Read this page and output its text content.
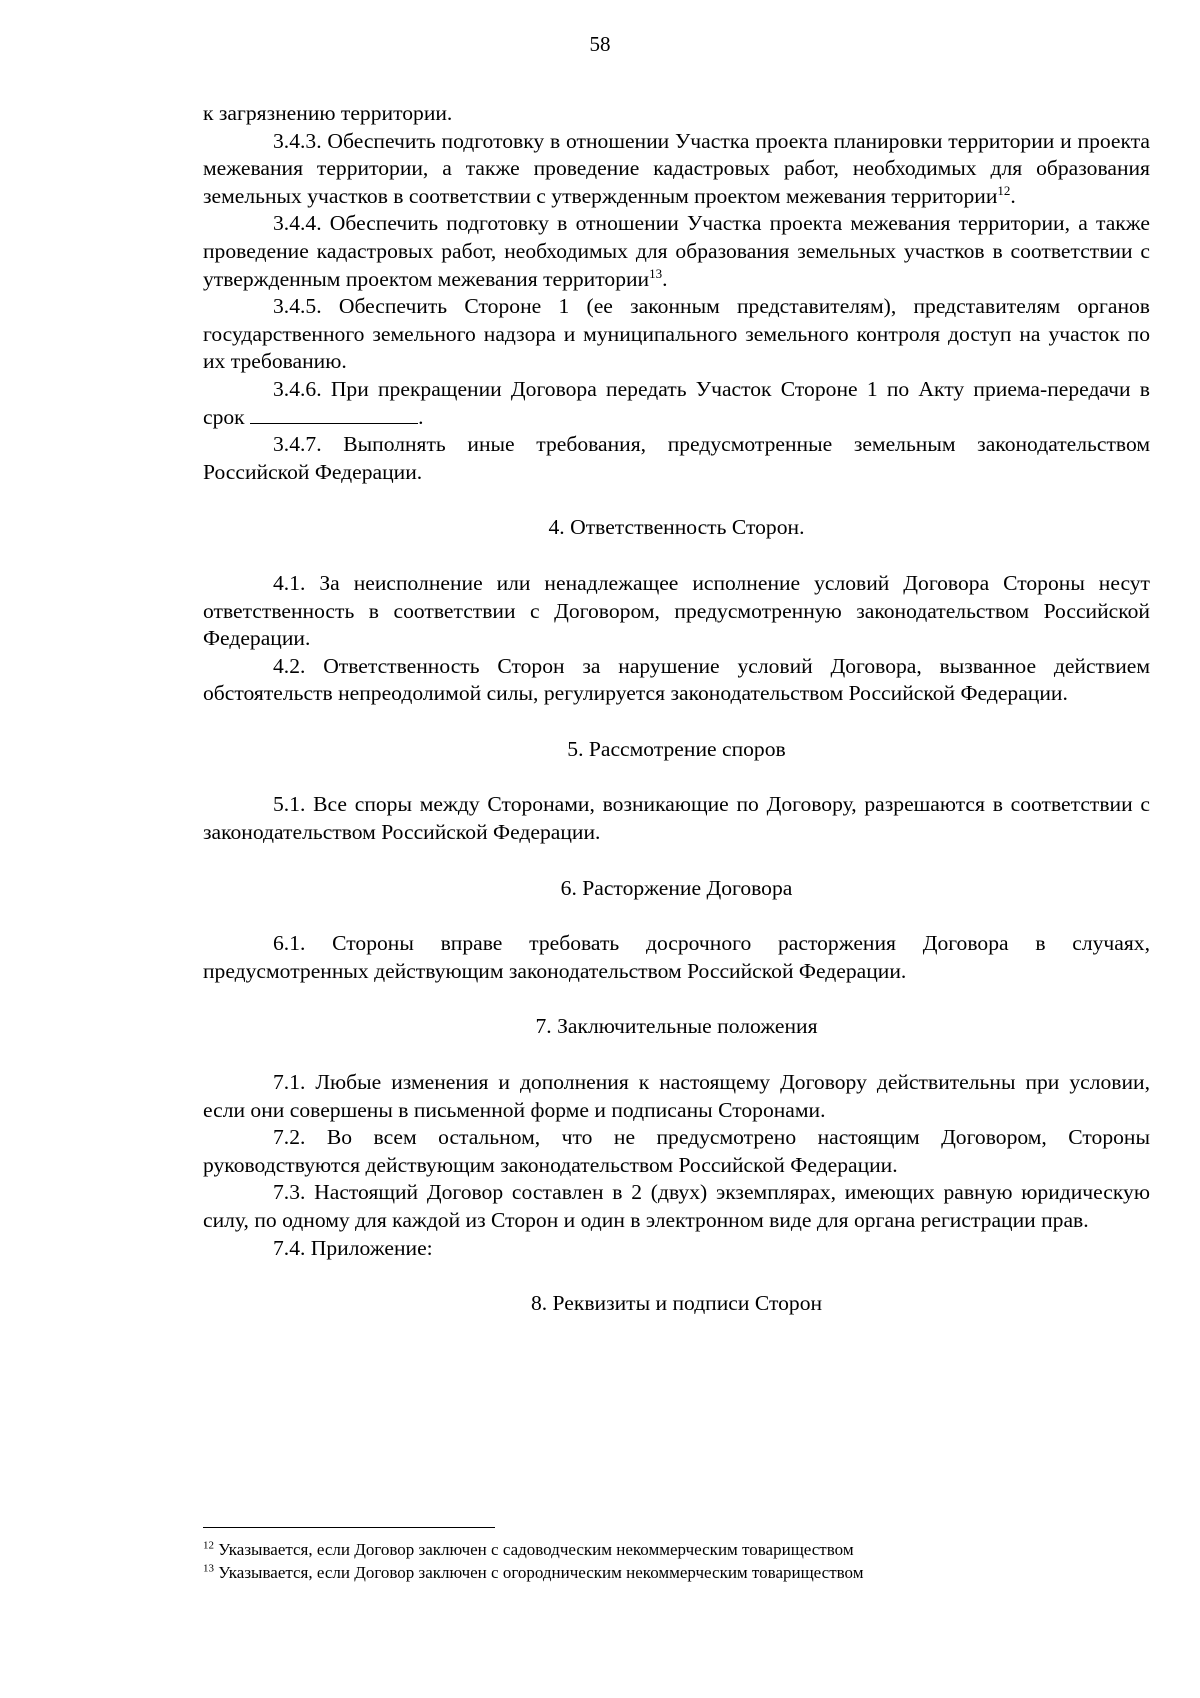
58

к загрязнению территории.

3.4.3. Обеспечить подготовку в отношении Участка проекта планировки территории и проекта межевания территории, а также проведение кадастровых работ, необходимых для образования земельных участков в соответствии с утвержденным проектом межевания территории$^{12}$.

3.4.4. Обеспечить подготовку в отношении Участка проекта межевания территории, а также проведение кадастровых работ, необходимых для образования земельных участков в соответствии с утвержденным проектом межевания территории$^{13}$.

3.4.5. Обеспечить Стороне 1 (ее законным представителям), представителям органов государственного земельного надзора и муниципального земельного контроля доступ на участок по их требованию.

3.4.6. При прекращении Договора передать Участок Стороне 1 по Акту приема-передачи в срок	.

3.4.7. Выполнять иные требования, предусмотренные земельным законодательством Российской Федерации.

4. Ответственность Сторон.

4.1. За неисполнение или ненадлежащее исполнение условий Договора Стороны несут ответственность в соответствии с Договором, предусмотренную законодательством Российской Федерации.

4.2. Ответственность Сторон за нарушение условий Договора, вызванное действием обстоятельств непреодолимой силы, регулируется законодательством Российской Федерации.

5. Рассмотрение споров

5.1. Все споры между Сторонами, возникающие по Договору, разрешаются в соответствии с законодательством Российской Федерации.

6. Расторжение Договора

6.1. Стороны вправе требовать досрочного расторжения Договора в случаях, предусмотренных действующим законодательством Российской Федерации.

7. Заключительные положения

7.1. Любые изменения и дополнения к настоящему Договору действительны при условии, если они совершены в письменной форме и подписаны Сторонами.

7.2. Во всем остальном, что не предусмотрено настоящим Договором, Стороны руководствуются действующим законодательством Российской Федерации.

7.3. Настоящий Договор составлен в 2 (двух) экземплярах, имеющих равную юридическую силу, по одному для каждой из Сторон и один в электронном виде для органа регистрации прав.

7.4. Приложение:

8. Реквизиты и подписи Сторон

$^{12}$ Указывается, если Договор заключен с садоводческим некоммерческим товариществом

$^{13}$ Указывается, если Договор заключен с огородническим некоммерческим товариществом
